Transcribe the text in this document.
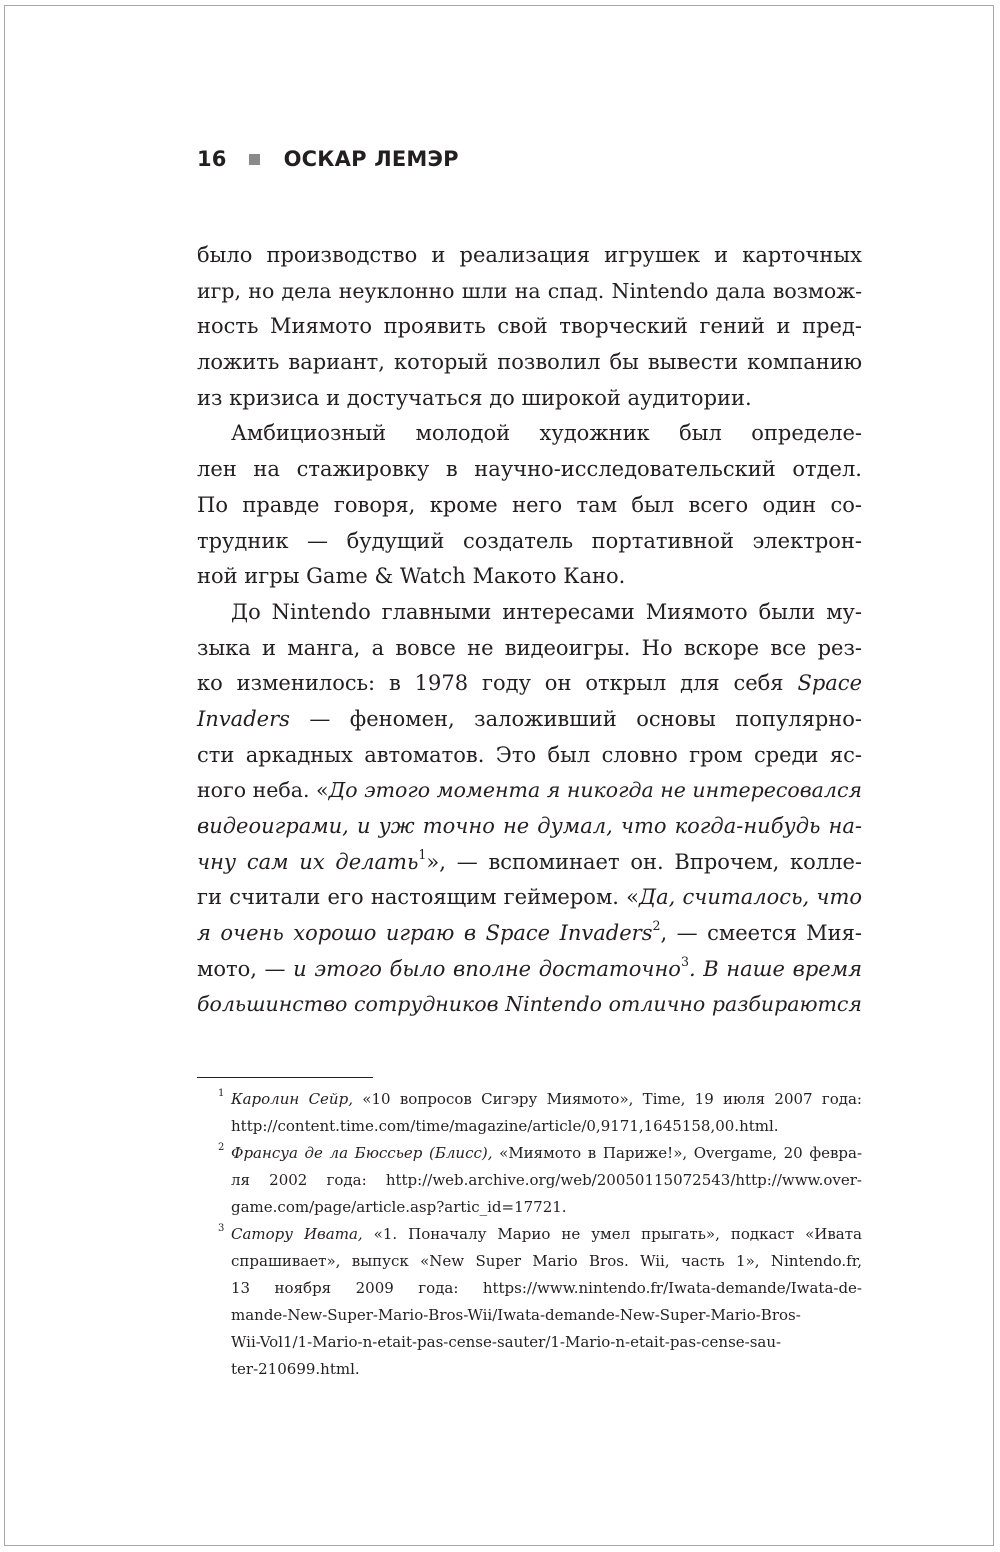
16	ОСКАР ЛЕМЭР
было производство и реализация игрушек и карточных
игр, но дела неуклонно шли на спад. Nintendo дала возмож-
ность Миямото проявить свой творческий гений и пред-
ложить вариант, который позволил бы вывести компанию
из кризиса и достучаться до широкой аудитории.
Амбициозный молодой художник был определе-
лен на стажировку в научно-исследовательский отдел.
По правде говоря, кроме него там был всего один со-
трудник — будущий создатель портативной электрон-
ной игры Game & Watch Макото Кано.
До Nintendo главными интересами Миямото были му-
зыка и манга, а вовсе не видеоигры. Но вскоре все рез-
ко изменилось: в 1978 году он открыл для себя Space
Invaders — феномен, заложивший основы популярно-
сти аркадных автоматов. Это был словно гром среди яс-
ного неба. «До этого момента я никогда не интересовался
видеоиграми, и уж точно не думал, что когда-нибудь на-
чну сам их делать$^1$», — вспоминает он. Впрочем, колле-
ги считали его настоящим геймером. «Да, считалось, что
я очень хорошо играю в Space Invaders$^2$, — смеется Мия-
мото, — и этого было вполне достаточно$^3$. В наше время
большинство сотрудников Nintendo отлично разбираются
1 Каролин Сейр, «10 вопросов Сигэру Миямото», Time, 19 июля 2007 года:
http://content.time.com/time/magazine/article/0,9171,1645158,00.html.
2 Франсуа де ла Бюссьер (Блисс), «Миямото в Париже!», Overgame, 20 февра-
ля 2002 года: http://web.archive.org/web/20050115072543/http://www.over-
game.com/page/article.asp?artic_id=17721.
3 Сатору Ивата, «1. Поначалу Марио не умел прыгать», подкаст «Ивата
спрашивает», выпуск «New Super Mario Bros. Wii, часть 1», Nintendo.fr,
13 ноября 2009 года: https://www.nintendo.fr/Iwata-demande/Iwata-de-
mande-New-Super-Mario-Bros-Wii/Iwata-demande-New-Super-Mario-Bros-
Wii-Vol1/1-Mario-n-etait-pas-cense-sauter/1-Mario-n-etait-pas-cense-sau-
ter-210699.html.
